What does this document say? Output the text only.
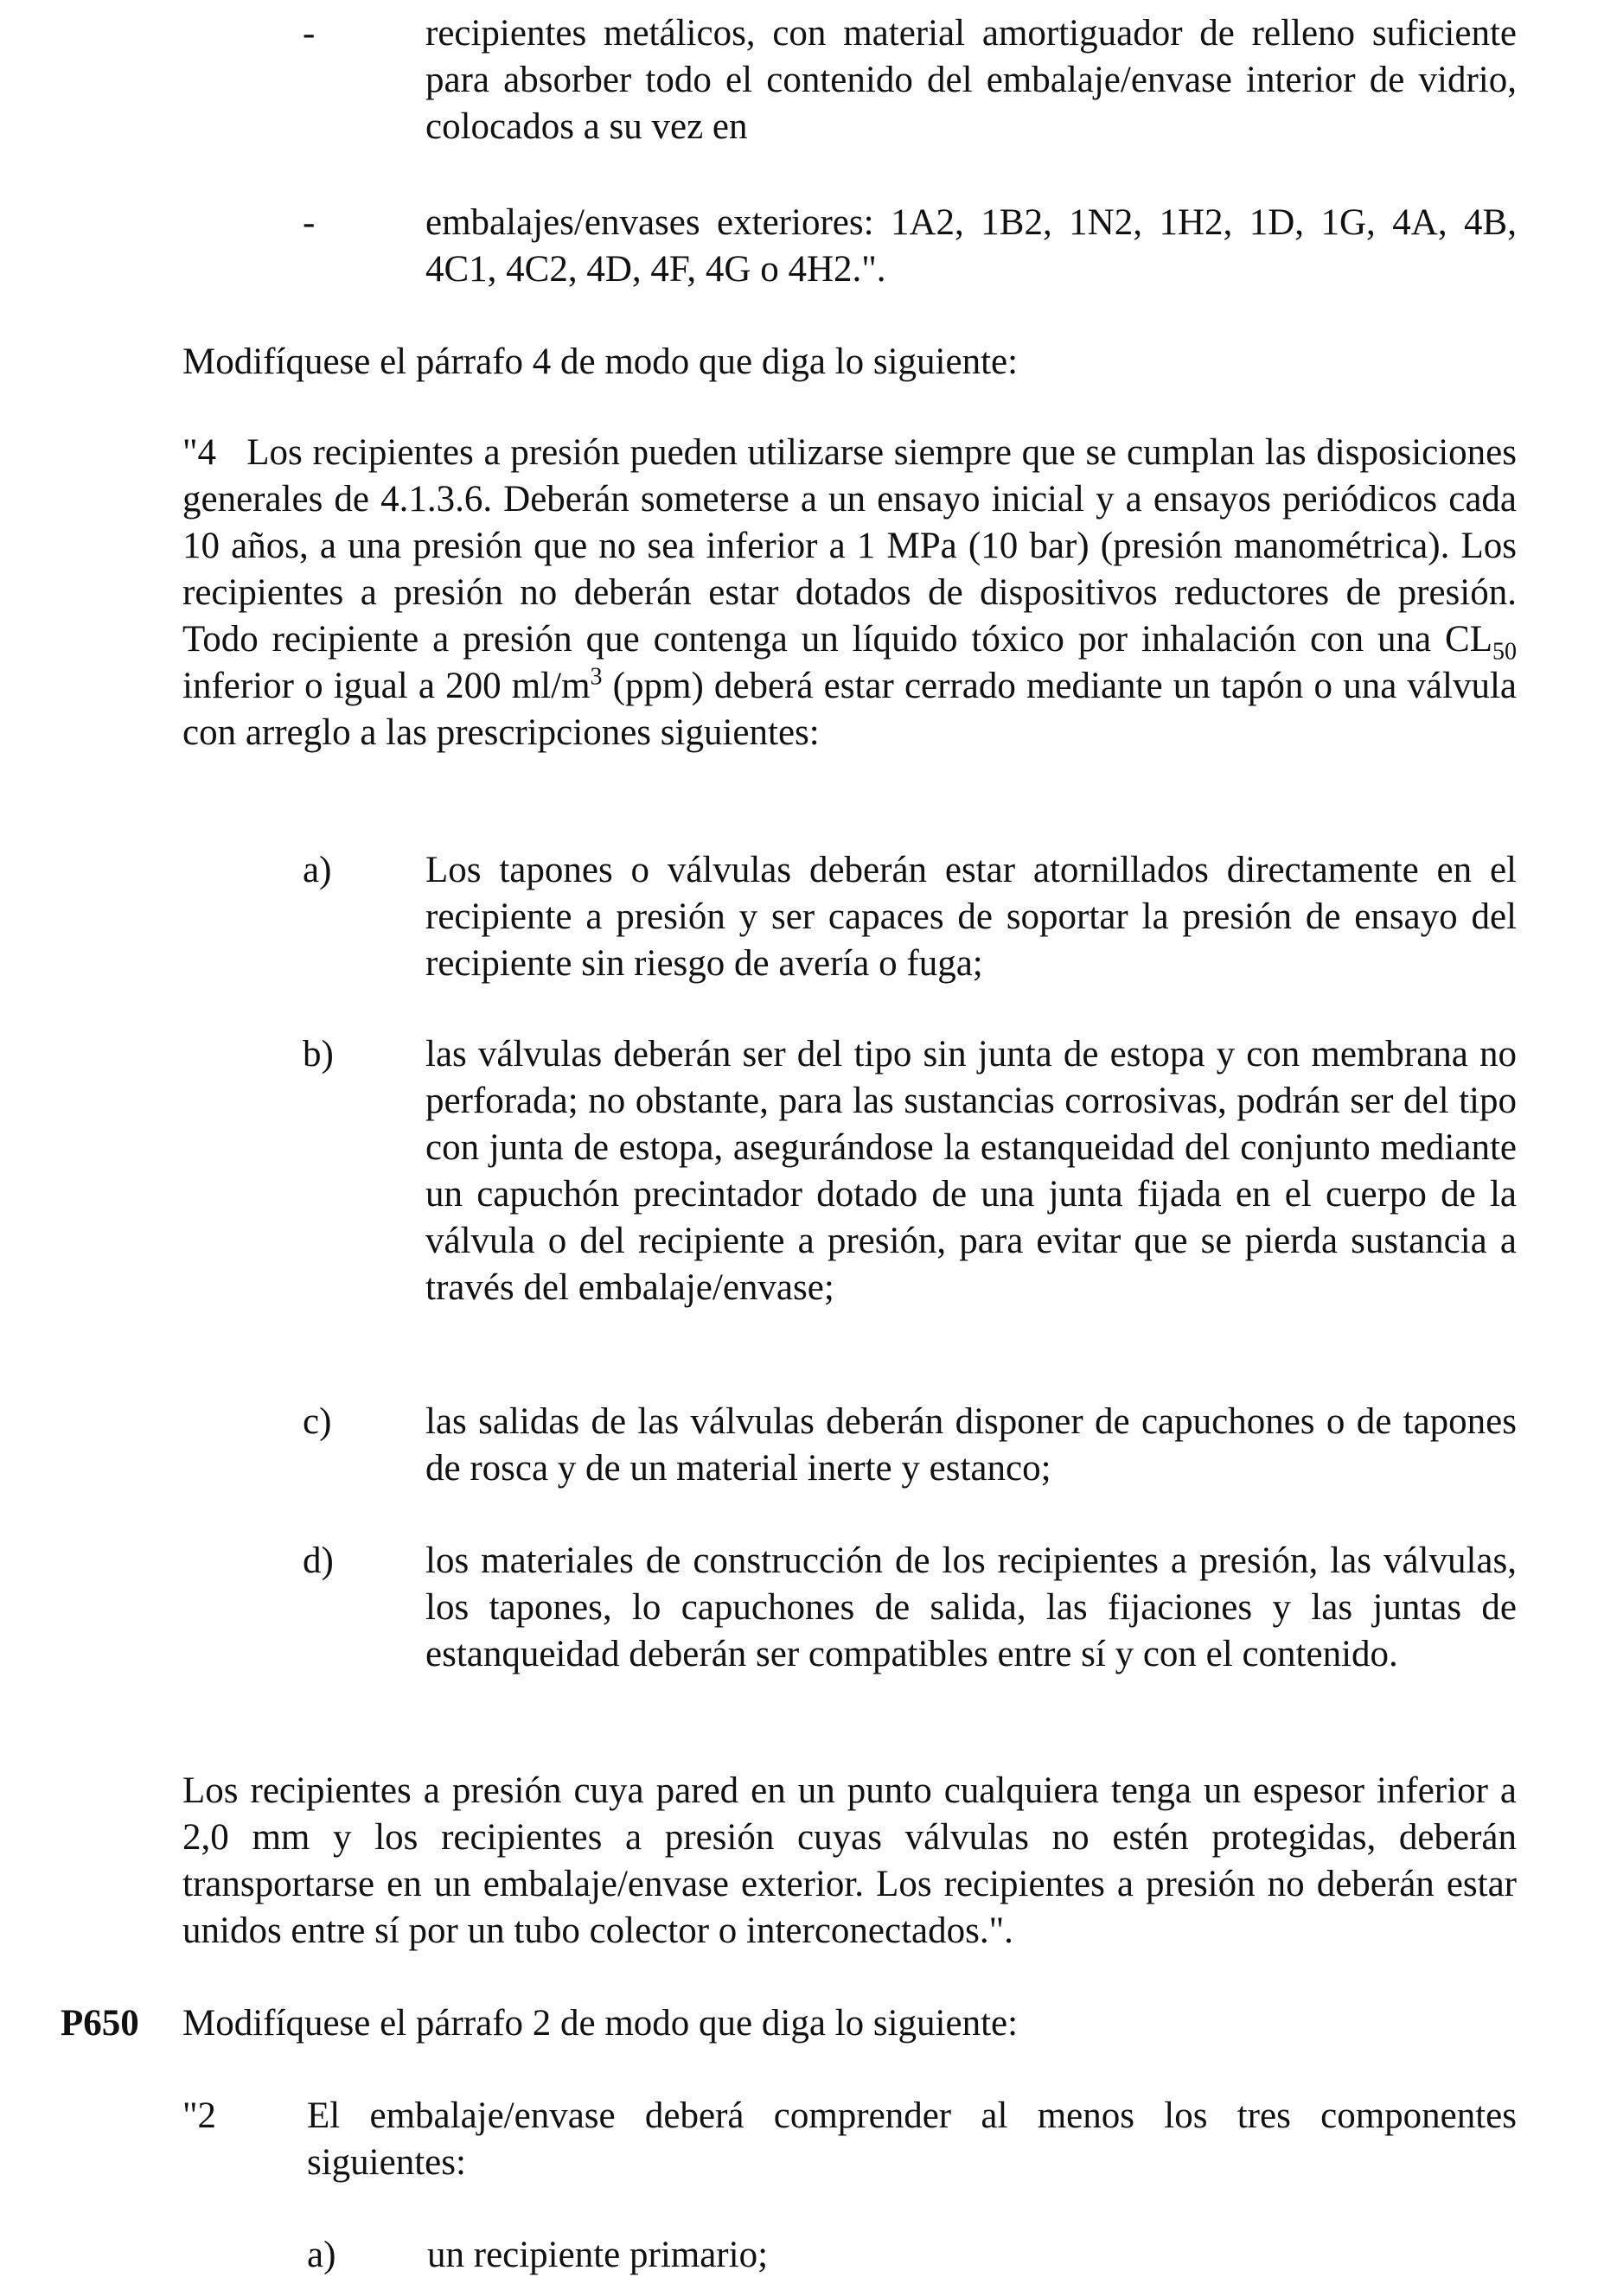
-	recipientes metálicos, con material amortiguador de relleno suficiente para absorber todo el contenido del embalaje/envase interior de vidrio, colocados a su vez en

-	embalajes/envases exteriores: 1A2, 1B2, 1N2, 1H2, 1D, 1G, 4A, 4B, 4C1, 4C2, 4D, 4F, 4G o 4H2.".

Modifíquese el párrafo 4 de modo que diga lo siguiente:

"4 Los recipientes a presión pueden utilizarse siempre que se cumplan las disposiciones generales de 4.1.3.6. Deberán someterse a un ensayo inicial y a ensayos periódicos cada 10 años, a una presión que no sea inferior a 1 MPa (10 bar) (presión manométrica). Los recipientes a presión no deberán estar dotados de dispositivos reductores de presión. Todo recipiente a presión que contenga un líquido tóxico por inhalación con una $CL_{50}$ inferior o igual a 200 $ml/m^3$ (ppm) deberá estar cerrado mediante un tapón o una válvula con arreglo a las prescripciones siguientes:

a)	Los tapones o válvulas deberán estar atornillados directamente en el recipiente a presión y ser capaces de soportar la presión de ensayo del recipiente sin riesgo de avería o fuga;

b) las válvulas deberán ser del tipo sin junta de estopa y con membrana no perforada; no obstante, para las sustancias corrosivas, podrán ser del tipo con junta de estopa, asegurándose la estanqueidad del conjunto mediante un capuchón precintador dotado de una junta fijada en el cuerpo de la válvula o del recipiente a presión, para evitar que se pierda sustancia a través del embalaje/envase;

c)	las salidas de las válvulas deberán disponer de capuchones o de tapones de rosca y de un material inerte y estanco;

d) los materiales de construcción de los recipientes a presión, las válvulas, los tapones, lo capuchones de salida, las fijaciones y las juntas de estanqueidad deberán ser compatibles entre sí y con el contenido.

Los recipientes a presión cuya pared en un punto cualquiera tenga un espesor inferior a 2,0 mm y los recipientes a presión cuyas válvulas no estén protegidas, deberán transportarse en un embalaje/envase exterior. Los recipientes a presión no deberán estar unidos entre sí por un tubo colector o interconectados.".

P650 Modifíquese el párrafo 2 de modo que diga lo siguiente:

"2 El embalaje/envase deberá comprender al menos los tres componentes siguientes:

a) un recipiente primario;
